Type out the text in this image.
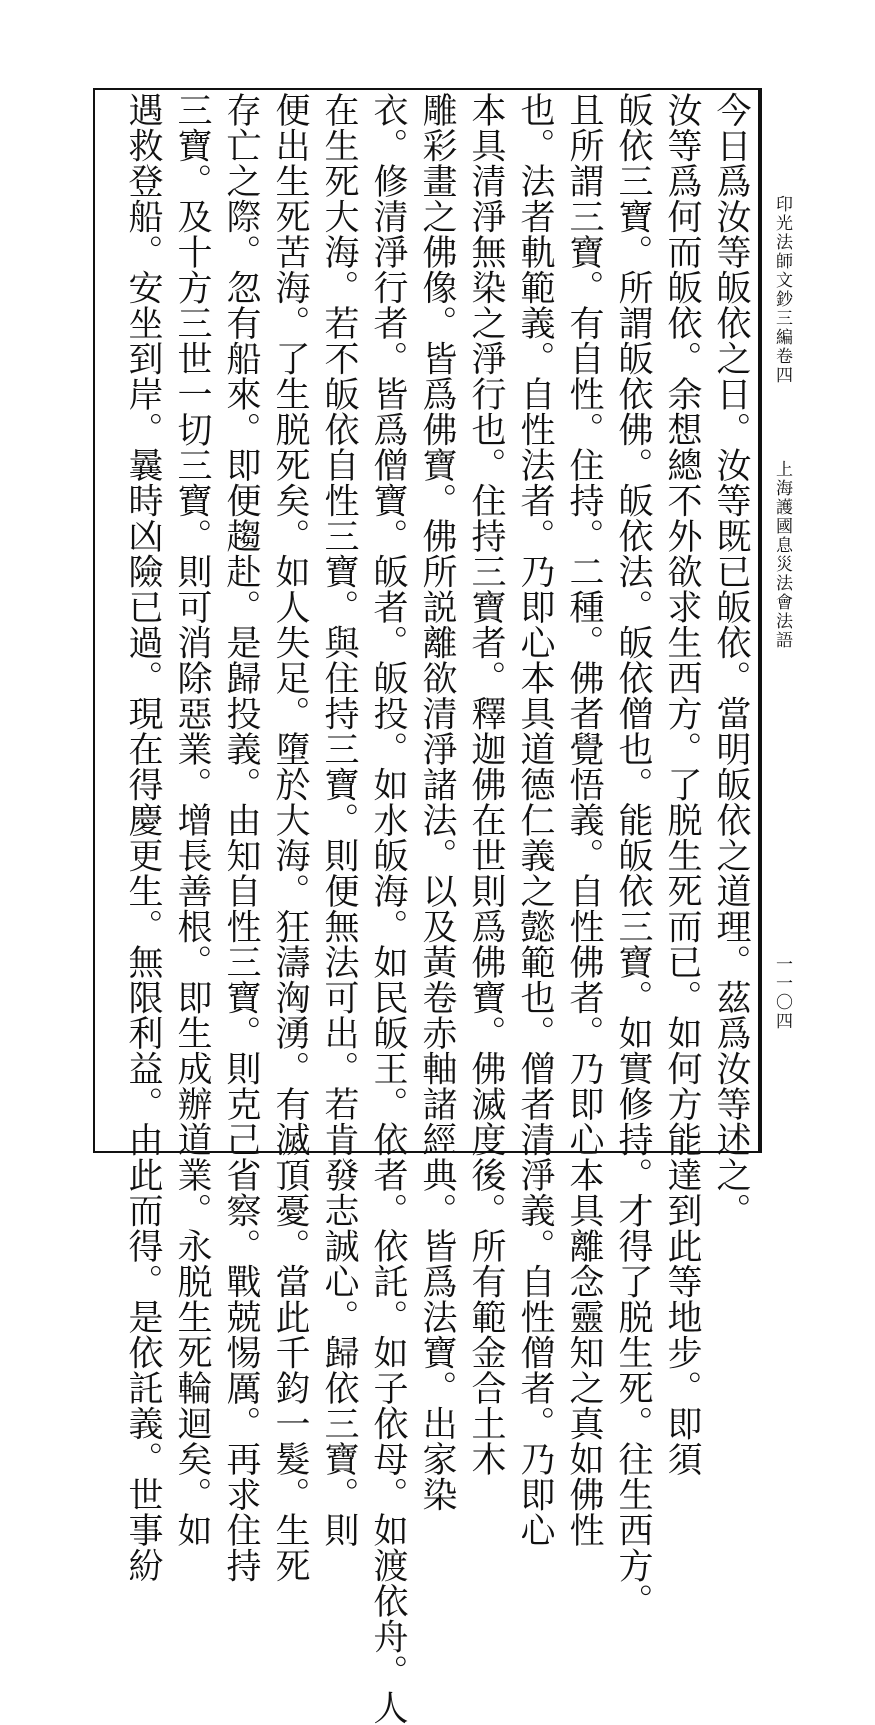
印光法師文鈔三編卷四
上海護國息災法會法語
一一〇四
今日爲汝等皈依之日。汝等既已皈依。當明皈依之道理。茲爲汝等述之。
汝等爲何而皈依。余想總不外欲求生西方。了脱生死而已。如何方能達到此等地步。即須
皈依三寶。所謂皈依佛。皈依法。皈依僧也。能皈依三寶。如實修持。才得了脱生死。往生西方。
且所謂三寶。有自性。住持。二種。佛者覺悟義。自性佛者。乃即心本具離念靈知之真如佛性
也。法者軌範義。自性法者。乃即心本具道德仁義之懿範也。僧者清淨義。自性僧者。乃即心
本具清淨無染之淨行也。住持三寶者。釋迦佛在世則爲佛寶。佛滅度後。所有範金合土木
雕彩畫之佛像。皆爲佛寶。佛所説離欲清淨諸法。以及黃卷赤軸諸經典。皆爲法寶。出家染
衣。修清淨行者。皆爲僧寶。皈者。皈投。如水皈海。如民皈王。依者。依託。如子依母。如渡依舟。人
在生死大海。若不皈依自性三寶。與住持三寶。則便無法可出。若肯發志誠心。歸依三寶。則
便出生死苦海。了生脱死矣。如人失足。墮於大海。狂濤洶湧。有滅頂憂。當此千鈞一髮。生死
存亡之際。忽有船來。即便趨赴。是歸投義。由知自性三寶。則克己省察。戰兢惕厲。再求住持
三寶。及十方三世一切三寶。則可消除惡業。增長善根。即生成辦道業。永脱生死輪迴矣。如
遇救登船。安坐到岸。曩時凶險已過。現在得慶更生。無限利益。由此而得。是依託義。世事紛
